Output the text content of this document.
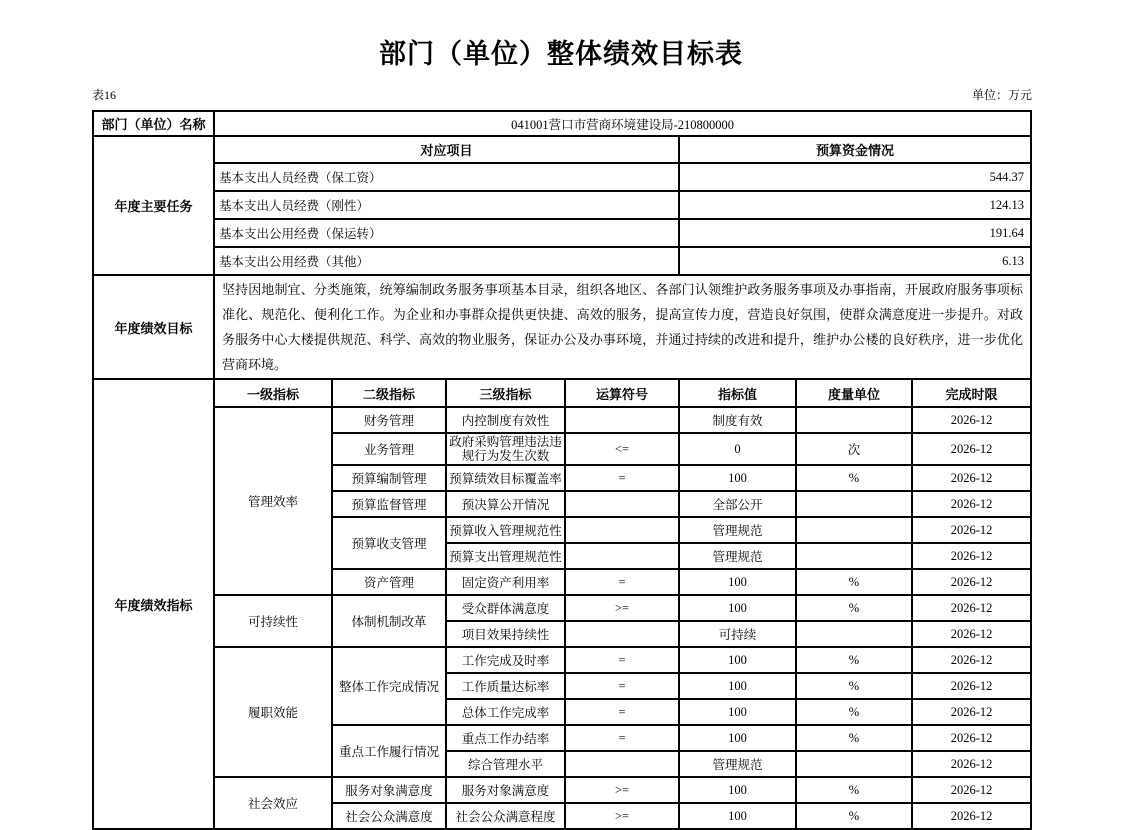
部门（单位）整体绩效目标表
表16	单位：万元
部门（单位）名称	041001营口市营商环境建设局-210800000						
年度主要任务	对应项目				预算资金情况		
	基本支出人员经费（保工资）				544.37		
	基本支出人员经费（刚性）				124.13		
	基本支出公用经费（保运转）				191.64		
	基本支出公用经费（其他）				6.13		
年度绩效目标	坚持因地制宜、分类施策，统筹编制政务服务事项基本目录，组织各地区、各部门认领维护政务服务事项及办事指南，开展政府服务事项标准化、规范化、便利化工作。为企业和办事群众提供更快捷、高效的服务，提高宣传力度，营造良好氛围，使群众满意度进一步提升。对政务服务中心大楼提供规范、科学、高效的物业服务，保证办公及办事环境，并通过持续的改进和提升，维护办公楼的良好秩序，进一步优化营商环境。						
年度绩效指标	一级指标	二级指标	三级指标	运算符号	指标值	度量单位	完成时限
	管理效率	财务管理	内控制度有效性		制度有效		2026-12
		业务管理	政府采购管理违法违规行为发生次数	<=	0	次	2026-12
		预算编制管理	预算绩效目标覆盖率	=	100	%	2026-12
		预算监督管理	预决算公开情况		全部公开		2026-12
		预算收支管理	预算收入管理规范性		管理规范		2026-12
			预算支出管理规范性		管理规范		2026-12
		资产管理	固定资产利用率	=	100	%	2026-12
	可持续性	体制机制改革	受众群体满意度	>=	100	%	2026-12
			项目效果持续性		可持续		2026-12
	履职效能	整体工作完成情况	工作完成及时率	=	100	%	2026-12
			工作质量达标率	=	100	%	2026-12
			总体工作完成率	=	100	%	2026-12
		重点工作履行情况	重点工作办结率	=	100	%	2026-12
			综合管理水平		管理规范		2026-12
	社会效应	服务对象满意度	服务对象满意度	>=	100	%	2026-12
		社会公众满意度	社会公众满意程度	>=	100	%	2026-12
